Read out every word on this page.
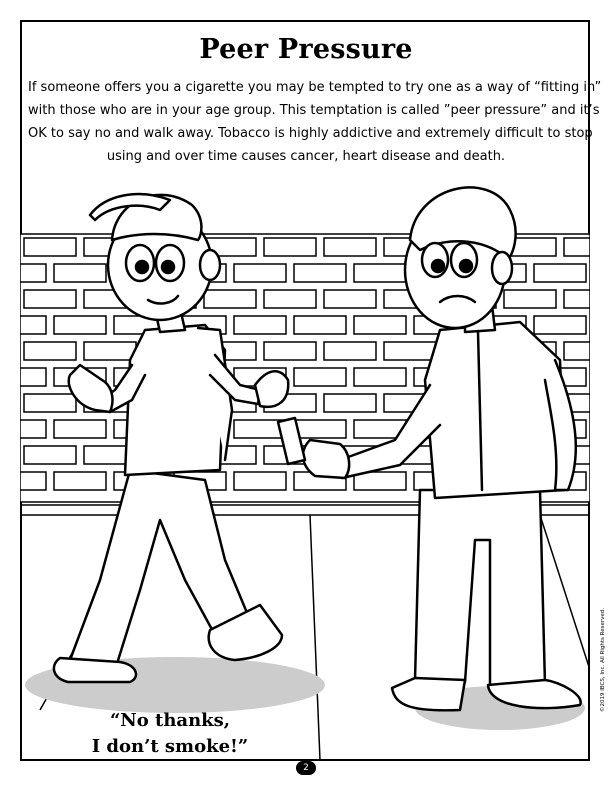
Peer Pressure
If someone offers you a cigarette you may be tempted to try one as a way of “fitting in”
with those who are in your age group. This temptation is called ”peer pressure” and it’s
OK to say no and walk away. Tobacco is highly addictive and extremely difficult to stop
using and over time causes cancer, heart disease and death.
“No thanks,
I don’t smoke!”
2
©2019 IBCS, Inc. All Rights Reserved.
